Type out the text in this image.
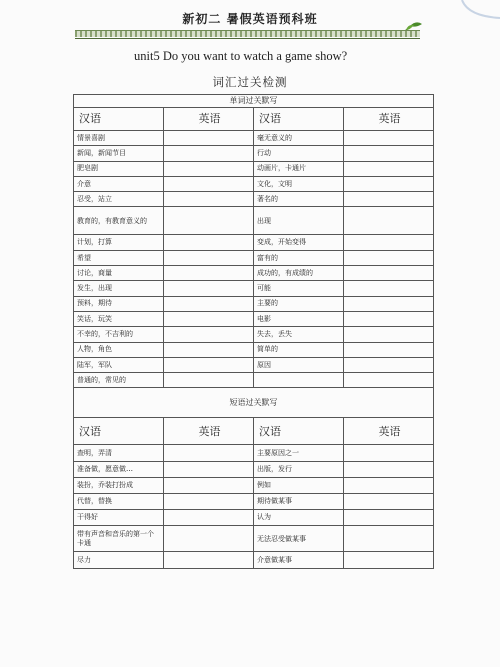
新初二 暑假英语预科班
unit5 Do you want to watch a game show?
词汇过关检测
单词过关默写			
汉语	英语	汉语	英语
情景喜剧		毫无意义的	
新闻，新闻节目		行动	
肥皂剧		动画片，卡通片	
介意		文化，文明	
忍受，站立		著名的	
教育的，有教育意义的		出现	
计划，打算		变成，开始变得	
希望		富有的	
讨论，商量		成功的，有成绩的	
发生，出现		可能	
预料，期待		主要的	
笑话，玩笑		电影	
不幸的，不吉利的		失去，丢失	
人物，角色		简单的	
陆军，军队		原因	
普通的，常见的			
短语过关默写			
汉语	英语	汉语	英语
查明，弄清		主要原因之一	
准备做，愿意做…		出版，发行	
装扮，乔装打扮成		例如	
代替，替换		期待做某事	
干得好		认为	
带有声音和音乐的第一个卡通		无法忍受做某事	
尽力		介意做某事	
